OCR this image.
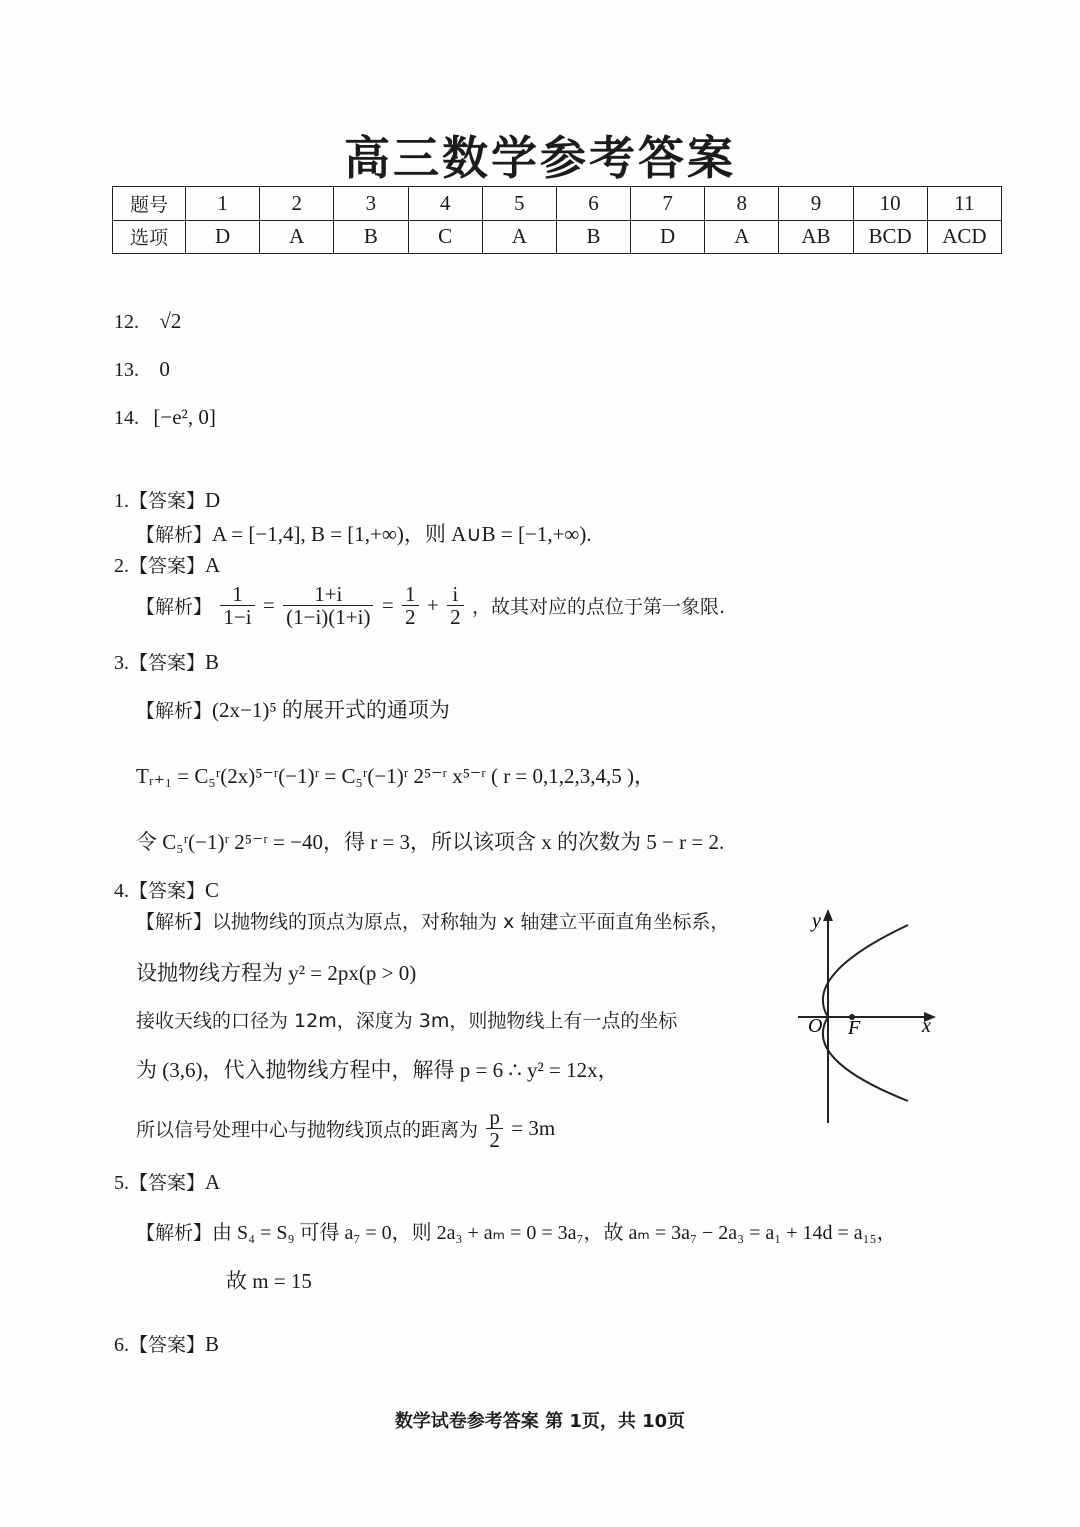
高三数学参考答案
题号	1	2	3	4	5	6	7	8	9	10	11
选项	D	A	B	C	A	B	D	A	AB	BCD	ACD
12. √2
13. 0
14. [−e², 0]
1.【答案】D
【解析】A = [−1,4], B = [1,+∞)，则 A∪B = [−1,+∞).
2.【答案】A
【解析】 $\frac{1}{1-i} = \frac{1+i}{(1-i)(1+i)} = \frac{1}{2} + \frac{i}{2}$ ，故其对应的点位于第一象限.
3.【答案】B
【解析】(2x−1)⁵ 的展开式的通项为
Tᵣ₊₁ = C₅ʳ(2x)⁵⁻ʳ(−1)ʳ = C₅ʳ(−1)ʳ 2⁵⁻ʳ x⁵⁻ʳ ( r = 0,1,2,3,4,5 )，
令 C₅ʳ(−1)ʳ 2⁵⁻ʳ = −40，得 r = 3，所以该项含 x 的次数为 5 − r = 2.
4.【答案】C
【解析】以抛物线的顶点为原点，对称轴为 x 轴建立平面直角坐标系，
设抛物线方程为 y² = 2px(p > 0)
接收天线的口径为 12m，深度为 3m，则抛物线上有一点的坐标
为 (3,6)，代入抛物线方程中，解得 p = 6 ∴ y² = 12x，
所以信号处理中心与抛物线顶点的距离为 $\frac{p}{2} = 3m$
y
x
O F
5.【答案】A
【解析】由 S₄ = S₉ 可得 a₇ = 0，则 2a₃ + aₘ = 0 = 3a₇，故 aₘ = 3a₇ − 2a₃ = a₁ + 14d = a₁₅，
故 m = 15
6.【答案】B
数学试卷参考答案 第 1页，共 10页
